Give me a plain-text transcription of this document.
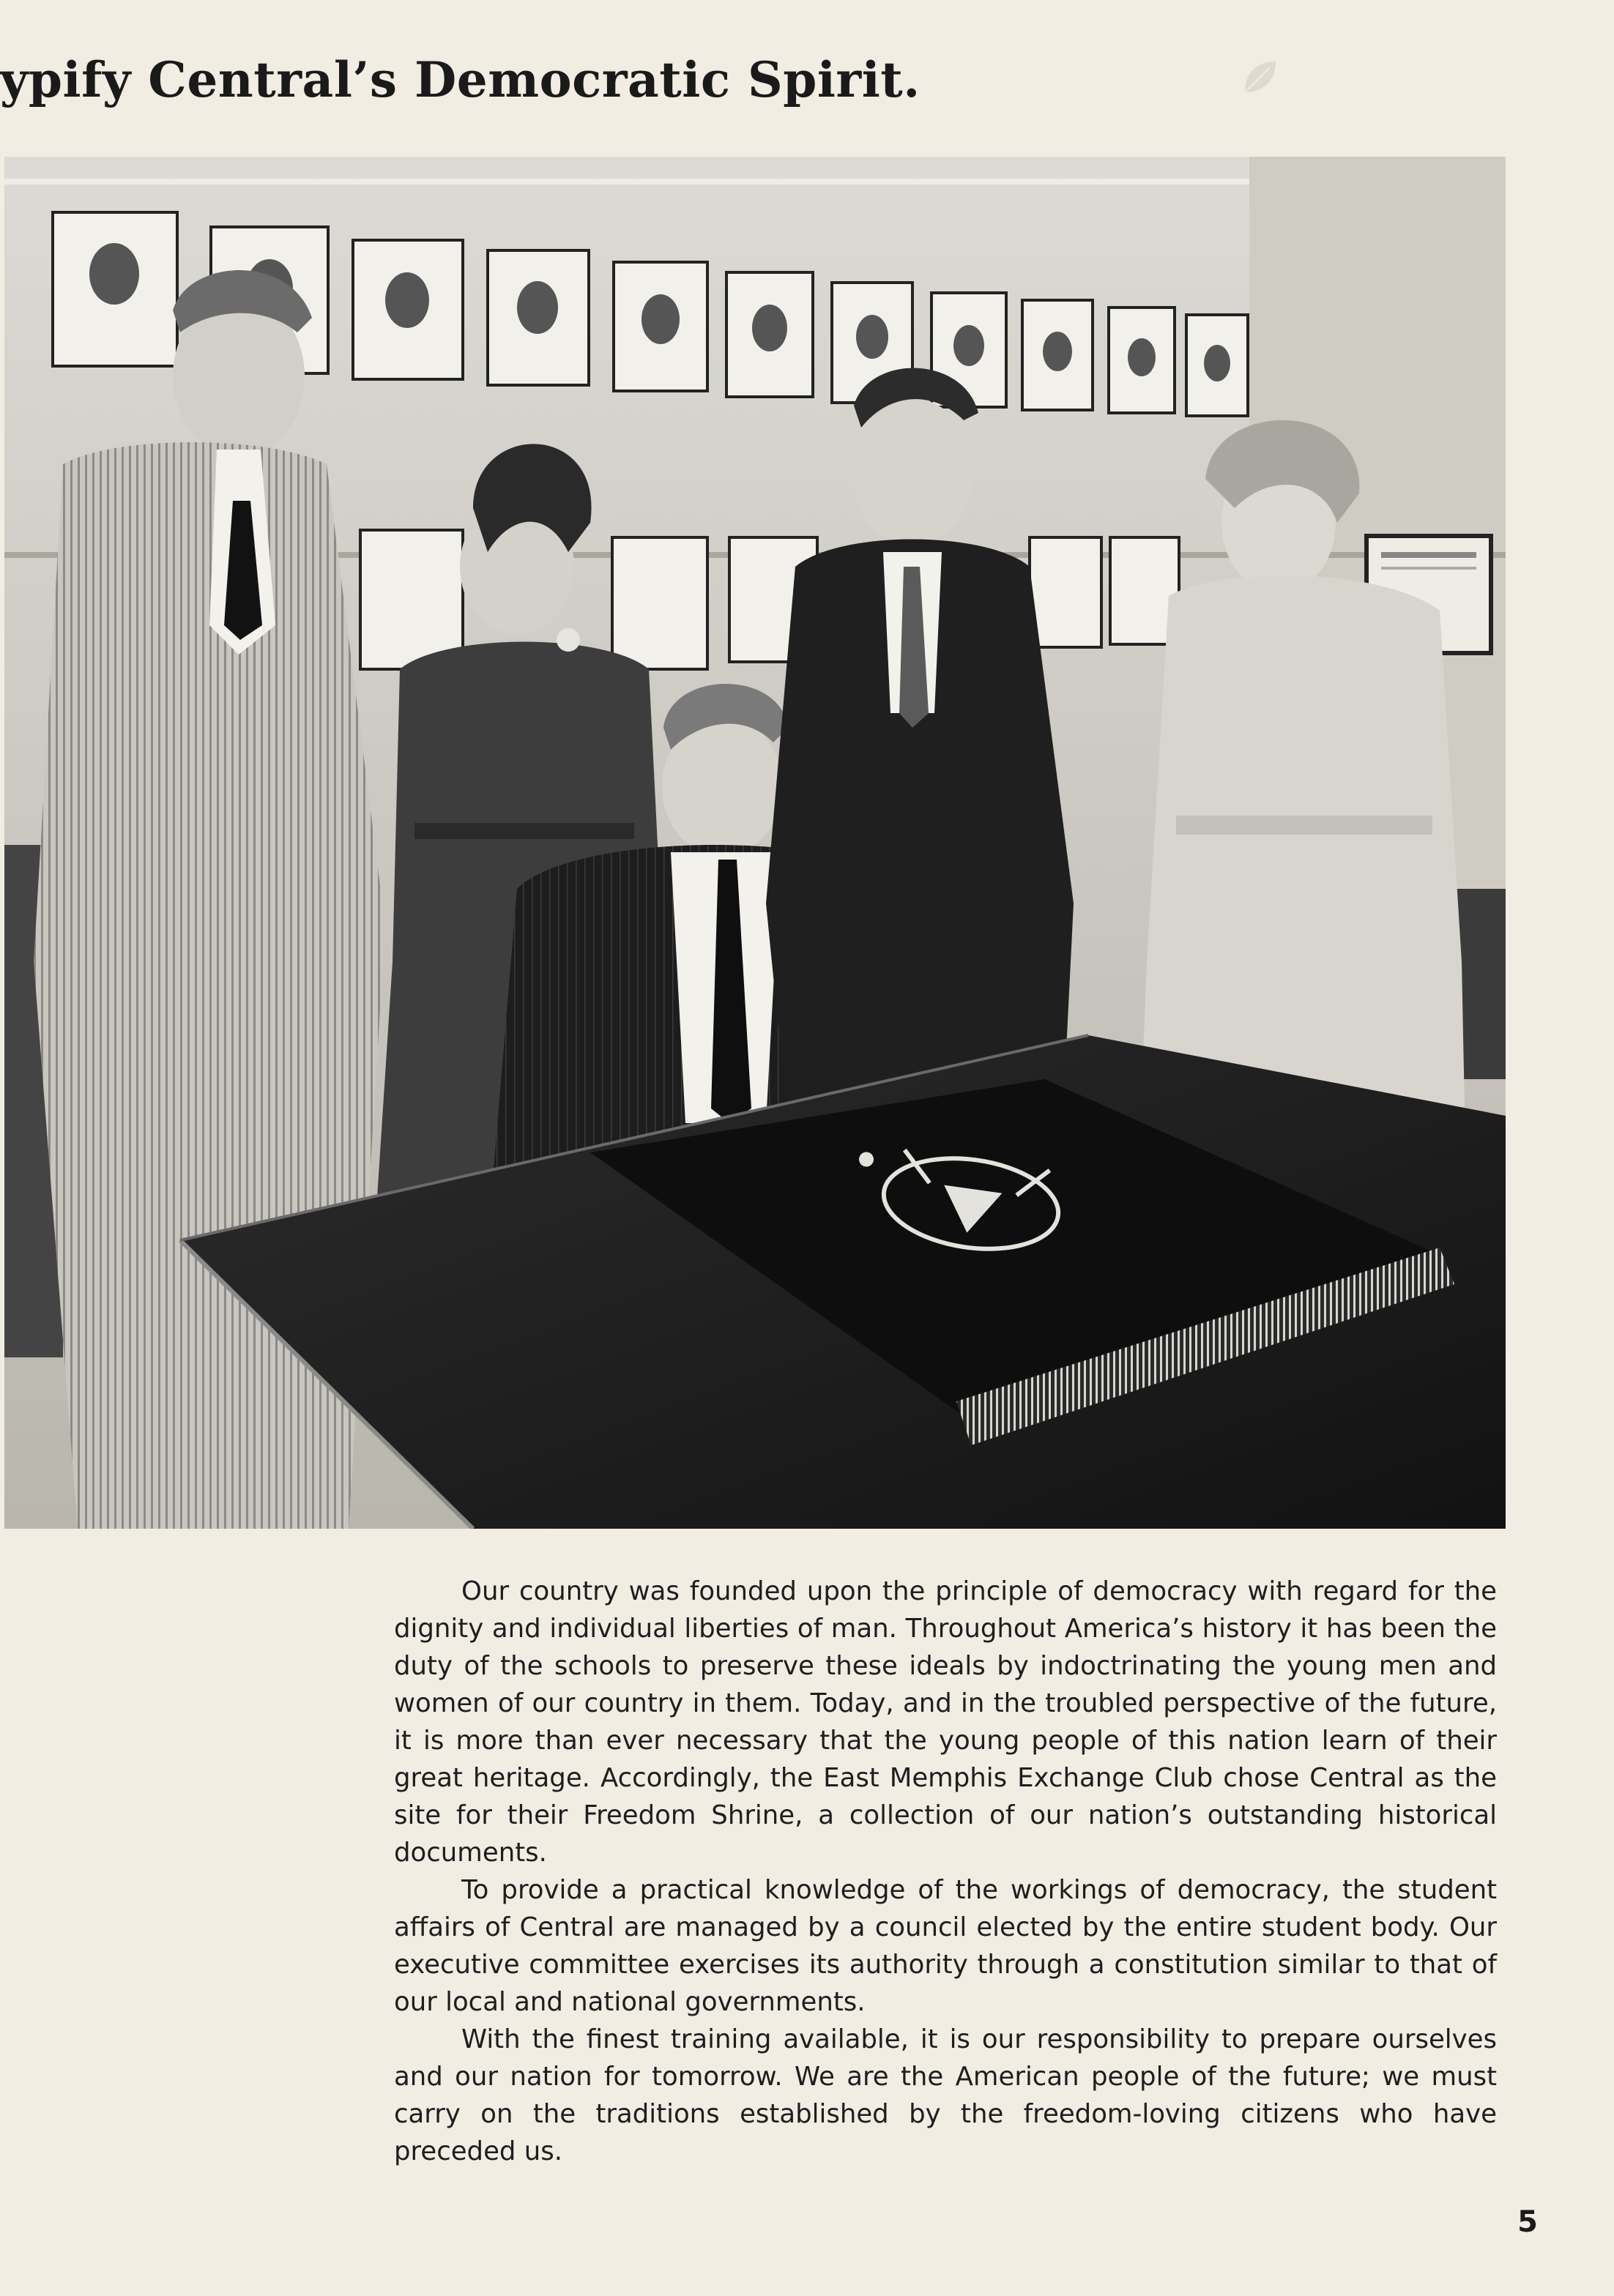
ypify Central’s Democratic Spirit.

Our country was founded upon the principle of democracy with regard for the dignity and individual liberties of man. Throughout America’s history it has been the duty of the schools to preserve these ideals by indoctrinating the young men and women of our country in them. Today, and in the troubled perspective of the future, it is more than ever necessary that the young people of this nation learn of their great heritage. Accordingly, the East Memphis Exchange Club chose Central as the site for their Freedom Shrine, a collection of our nation’s outstanding historical documents.

To provide a practical knowledge of the workings of democracy, the student affairs of Central are managed by a council elected by the entire student body. Our executive committee exercises its authority through a constitution similar to that of our local and national governments.

With the finest training available, it is our responsibility to prepare ourselves and our nation for tomorrow. We are the American people of the future; we must carry on the traditions established by the freedom-loving citizens who have preceded us.

5
